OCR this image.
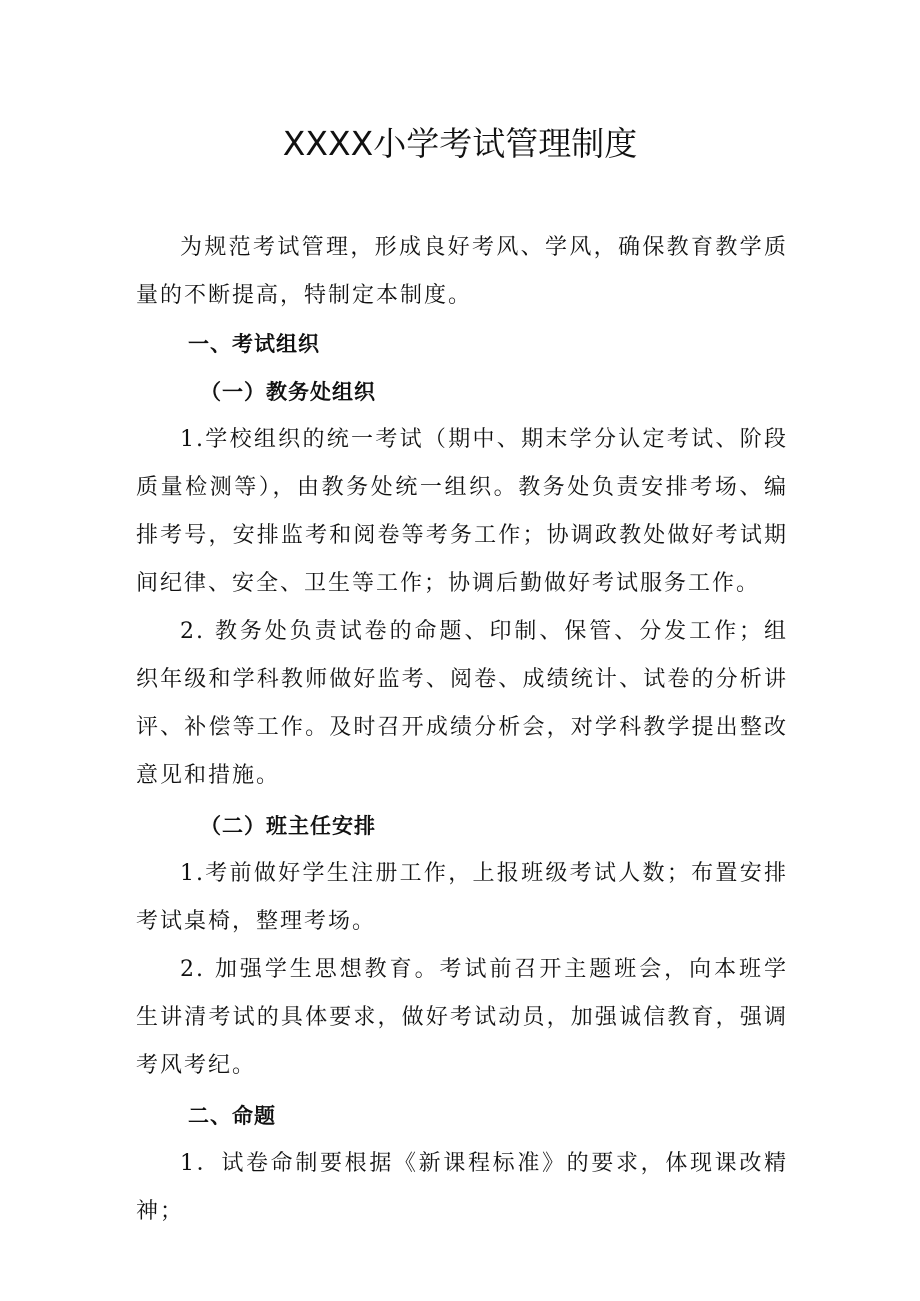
XXXX小学考试管理制度

为规范考试管理，形成良好考风、学风，确保教育教学质量的不断提高，特制定本制度。

一、考试组织

（一）教务处组织

1.学校组织的统一考试（期中、期末学分认定考试、阶段质量检测等），由教务处统一组织。教务处负责安排考场、编排考号，安排监考和阅卷等考务工作；协调政教处做好考试期间纪律、安全、卫生等工作；协调后勤做好考试服务工作。

2. 教务处负责试卷的命题、印制、保管、分发工作；组织年级和学科教师做好监考、阅卷、成绩统计、试卷的分析讲评、补偿等工作。及时召开成绩分析会，对学科教学提出整改意见和措施。

（二）班主任安排

1.考前做好学生注册工作，上报班级考试人数；布置安排考试桌椅，整理考场。

2. 加强学生思想教育。考试前召开主题班会，向本班学生讲清考试的具体要求，做好考试动员，加强诚信教育，强调考风考纪。

二、命题

1．试卷命制要根据《新课程标准》的要求，体现课改精神；
